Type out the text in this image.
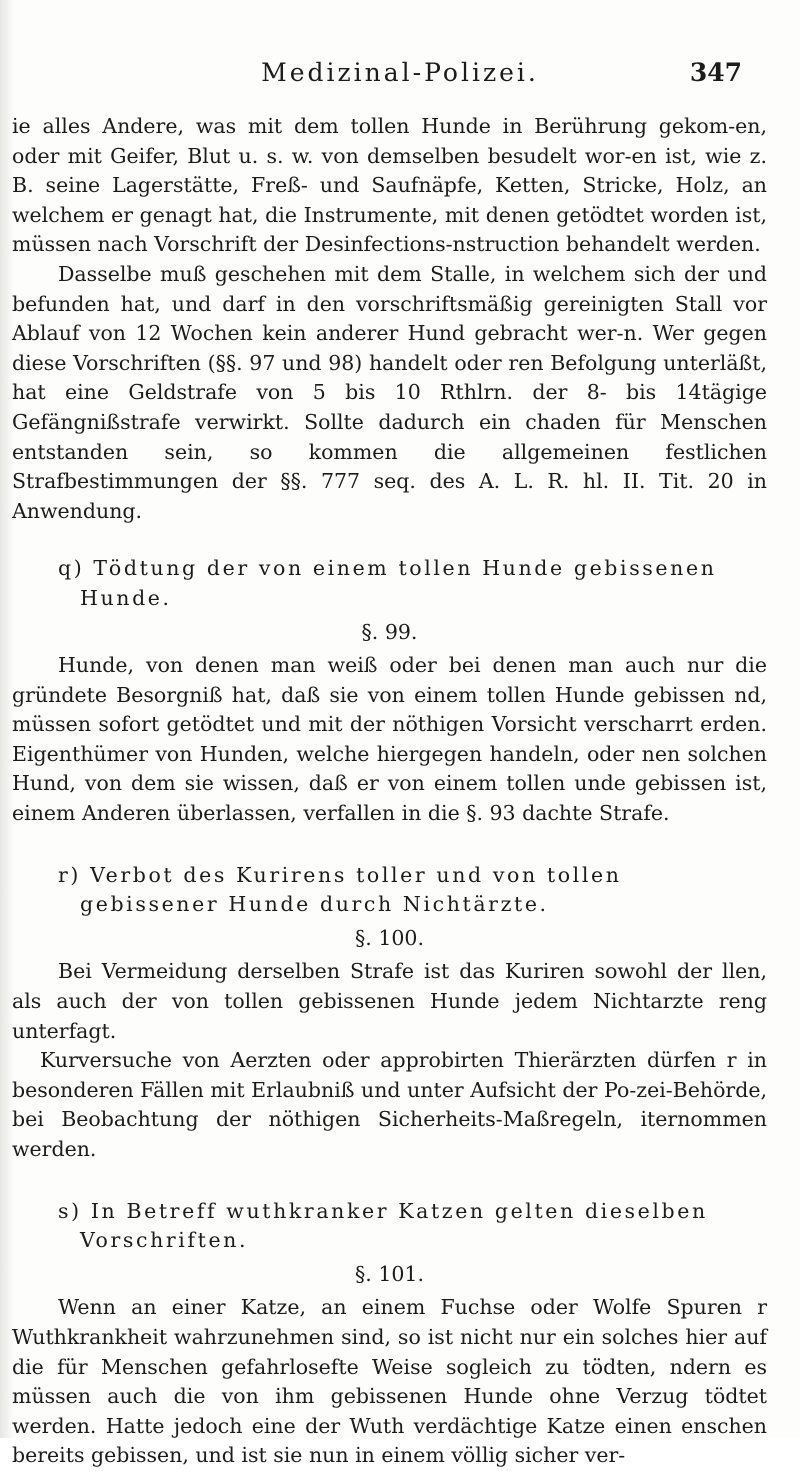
Medizinal-Polizei.	347

ie alles Andere, was mit dem tollen Hunde in Berührung gekom-en, oder mit Geifer, Blut u. s. w. von demselben besudelt wor-en ist, wie z. B. seine Lagerstätte, Freß- und Saufnäpfe, Ketten, Stricke, Holz, an welchem er genagt hat, die Instrumente, mit denen getödtet worden ist, müssen nach Vorschrift der Desinfections-nstruction behandelt werden.

Dasselbe muß geschehen mit dem Stalle, in welchem sich der und befunden hat, und darf in den vorschriftsmäßig gereinigten Stall vor Ablauf von 12 Wochen kein anderer Hund gebracht wer-n. Wer gegen diese Vorschriften (§§. 97 und 98) handelt oder ren Befolgung unterläßt, hat eine Geldstrafe von 5 bis 10 Rthlrn. der 8- bis 14tägige Gefängnißstrafe verwirkt. Sollte dadurch ein chaden für Menschen entstanden sein, so kommen die allgemeinen festlichen Strafbestimmungen der §§. 777 seq. des A. L. R. hl. II. Tit. 20 in Anwendung.

q) Tödtung der von einem tollen Hunde gebissenen Hunde.
§. 99.

Hunde, von denen man weiß oder bei denen man auch nur die gründete Besorgniß hat, daß sie von einem tollen Hunde gebissen nd, müssen sofort getödtet und mit der nöthigen Vorsicht verscharrt erden. Eigenthümer von Hunden, welche hiergegen handeln, oder nen solchen Hund, von dem sie wissen, daß er von einem tollen unde gebissen ist, einem Anderen überlassen, verfallen in die §. 93 dachte Strafe.

r) Verbot des Kurirens toller und von tollen gebissener Hunde durch Nichtärzte.
§. 100.

Bei Vermeidung derselben Strafe ist das Kuriren sowohl der llen, als auch der von tollen gebissenen Hunde jedem Nichtarzte reng unterfagt.

Kurversuche von Aerzten oder approbirten Thierärzten dürfen r in besonderen Fällen mit Erlaubniß und unter Aufsicht der Po-zei-Behörde, bei Beobachtung der nöthigen Sicherheits-Maßregeln, iternommen werden.

s) In Betreff wuthkranker Katzen gelten dieselben Vorschriften.
§. 101.

Wenn an einer Katze, an einem Fuchse oder Wolfe Spuren r Wuthkrankheit wahrzunehmen sind, so ist nicht nur ein solches hier auf die für Menschen gefahrlosefte Weise sogleich zu tödten, ndern es müssen auch die von ihm gebissenen Hunde ohne Verzug tödtet werden. Hatte jedoch eine der Wuth verdächtige Katze einen enschen bereits gebissen, und ist sie nun in einem völlig sicher ver-
